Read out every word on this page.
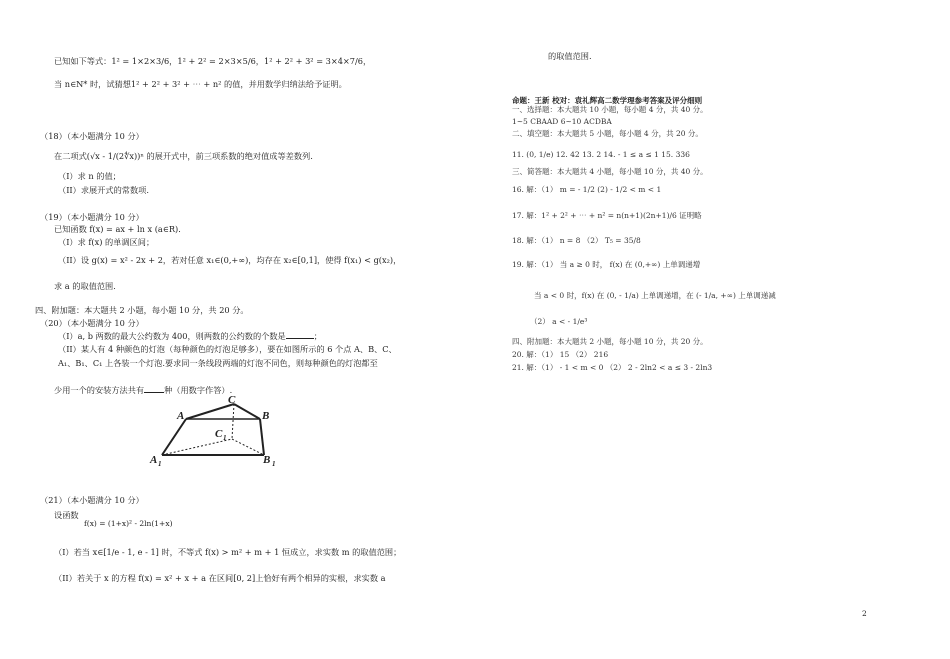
已知如下等式：1² = 1×2×3/6，1² + 2² = 2×3×5/6，1² + 2² + 3² = 3×4×7/6，
当 n∈N* 时，试猜想1² + 2² + 3² + ⋯ + n² 的值，并用数学归纳法给予证明。
（18）（本小题满分 10 分）
在二项式(√x - 1/(2∜x))ⁿ 的展开式中，前三项系数的绝对值成等差数列.
（I）求 n 的值；
（II）求展开式的常数项.
（19）（本小题满分 10 分）
已知函数 f(x) = ax + ln x (a∈R)．
（I）求 f(x) 的单调区间；
（II）设 g(x) = x² - 2x + 2，若对任意 x₁∈(0,+∞)，均存在 x₂∈[0,1]，使得 f(x₁) < g(x₂)，
求 a 的取值范围．
四、附加题：本大题共 2 小题，每小题 10 分，共 20 分。
（20）（本小题满分 10 分）
（I）a, b 两数的最大公约数为 400，则两数的公约数的个数是	；
（II）某人有 4 种颜色的灯泡（每种颜色的灯泡足够多），要在如图所示的 6 个点 A、B、C、
A₁、B₁、C₁ 上各装一个灯泡.要求同一条线段两端的灯泡不同色，则每种颜色的灯泡都至
少用一个的安装方法共有 种（用数字作答）.
A	B
C
C 1
A 1	B 1
（21）（本小题满分 10 分）
设函数
f(x) = (1+x)² - 2ln(1+x)
（I）若当 x∈[1/e - 1, e - 1] 时，不等式 f(x) > m² + m + 1 恒成立，求实数 m 的取值范围；
（II）若关于 x 的方程 f(x) = x² + x + a 在区间[0, 2]上恰好有两个相异的实根，求实数 a
的取值范围.
命题：王新 校对：袁礼辉高二数学理参考答案及评分细则
一、选择题：本大题共 10 小题，每小题 4 分，共 40 分。
1~5 CBAAD 6~10 ACDBA
二、填空题：本大题共 5 小题，每小题 4 分，共 20 分。
11. (0, 1/e) 12. 42 13. 2 14. - 1 ≤ a ≤ 1 15. 336
三、简答题：本大题共 4 小题，每小题 10 分，共 40 分。
16. 解：（1） m = - 1/2 (2) - 1/2 < m < 1
17. 解：1² + 2² + ⋯ + n² = n(n+1)(2n+1)/6 证明略
18. 解：（1） n = 8 （2） T₅ = 35/8
19. 解：（1） 当 a ≥ 0 时， f(x) 在 (0,+∞) 上单调递增
当 a < 0 时，f(x) 在 (0, - 1/a) 上单调递增，在 (- 1/a, +∞) 上单调递减
（2） a < - 1/e³
四、附加题：本大题共 2 小题，每小题 10 分，共 20 分。
20. 解：（1） 15 （2） 216
21. 解：（1） - 1 < m < 0 （2） 2 - 2ln2 < a ≤ 3 - 2ln3
2
